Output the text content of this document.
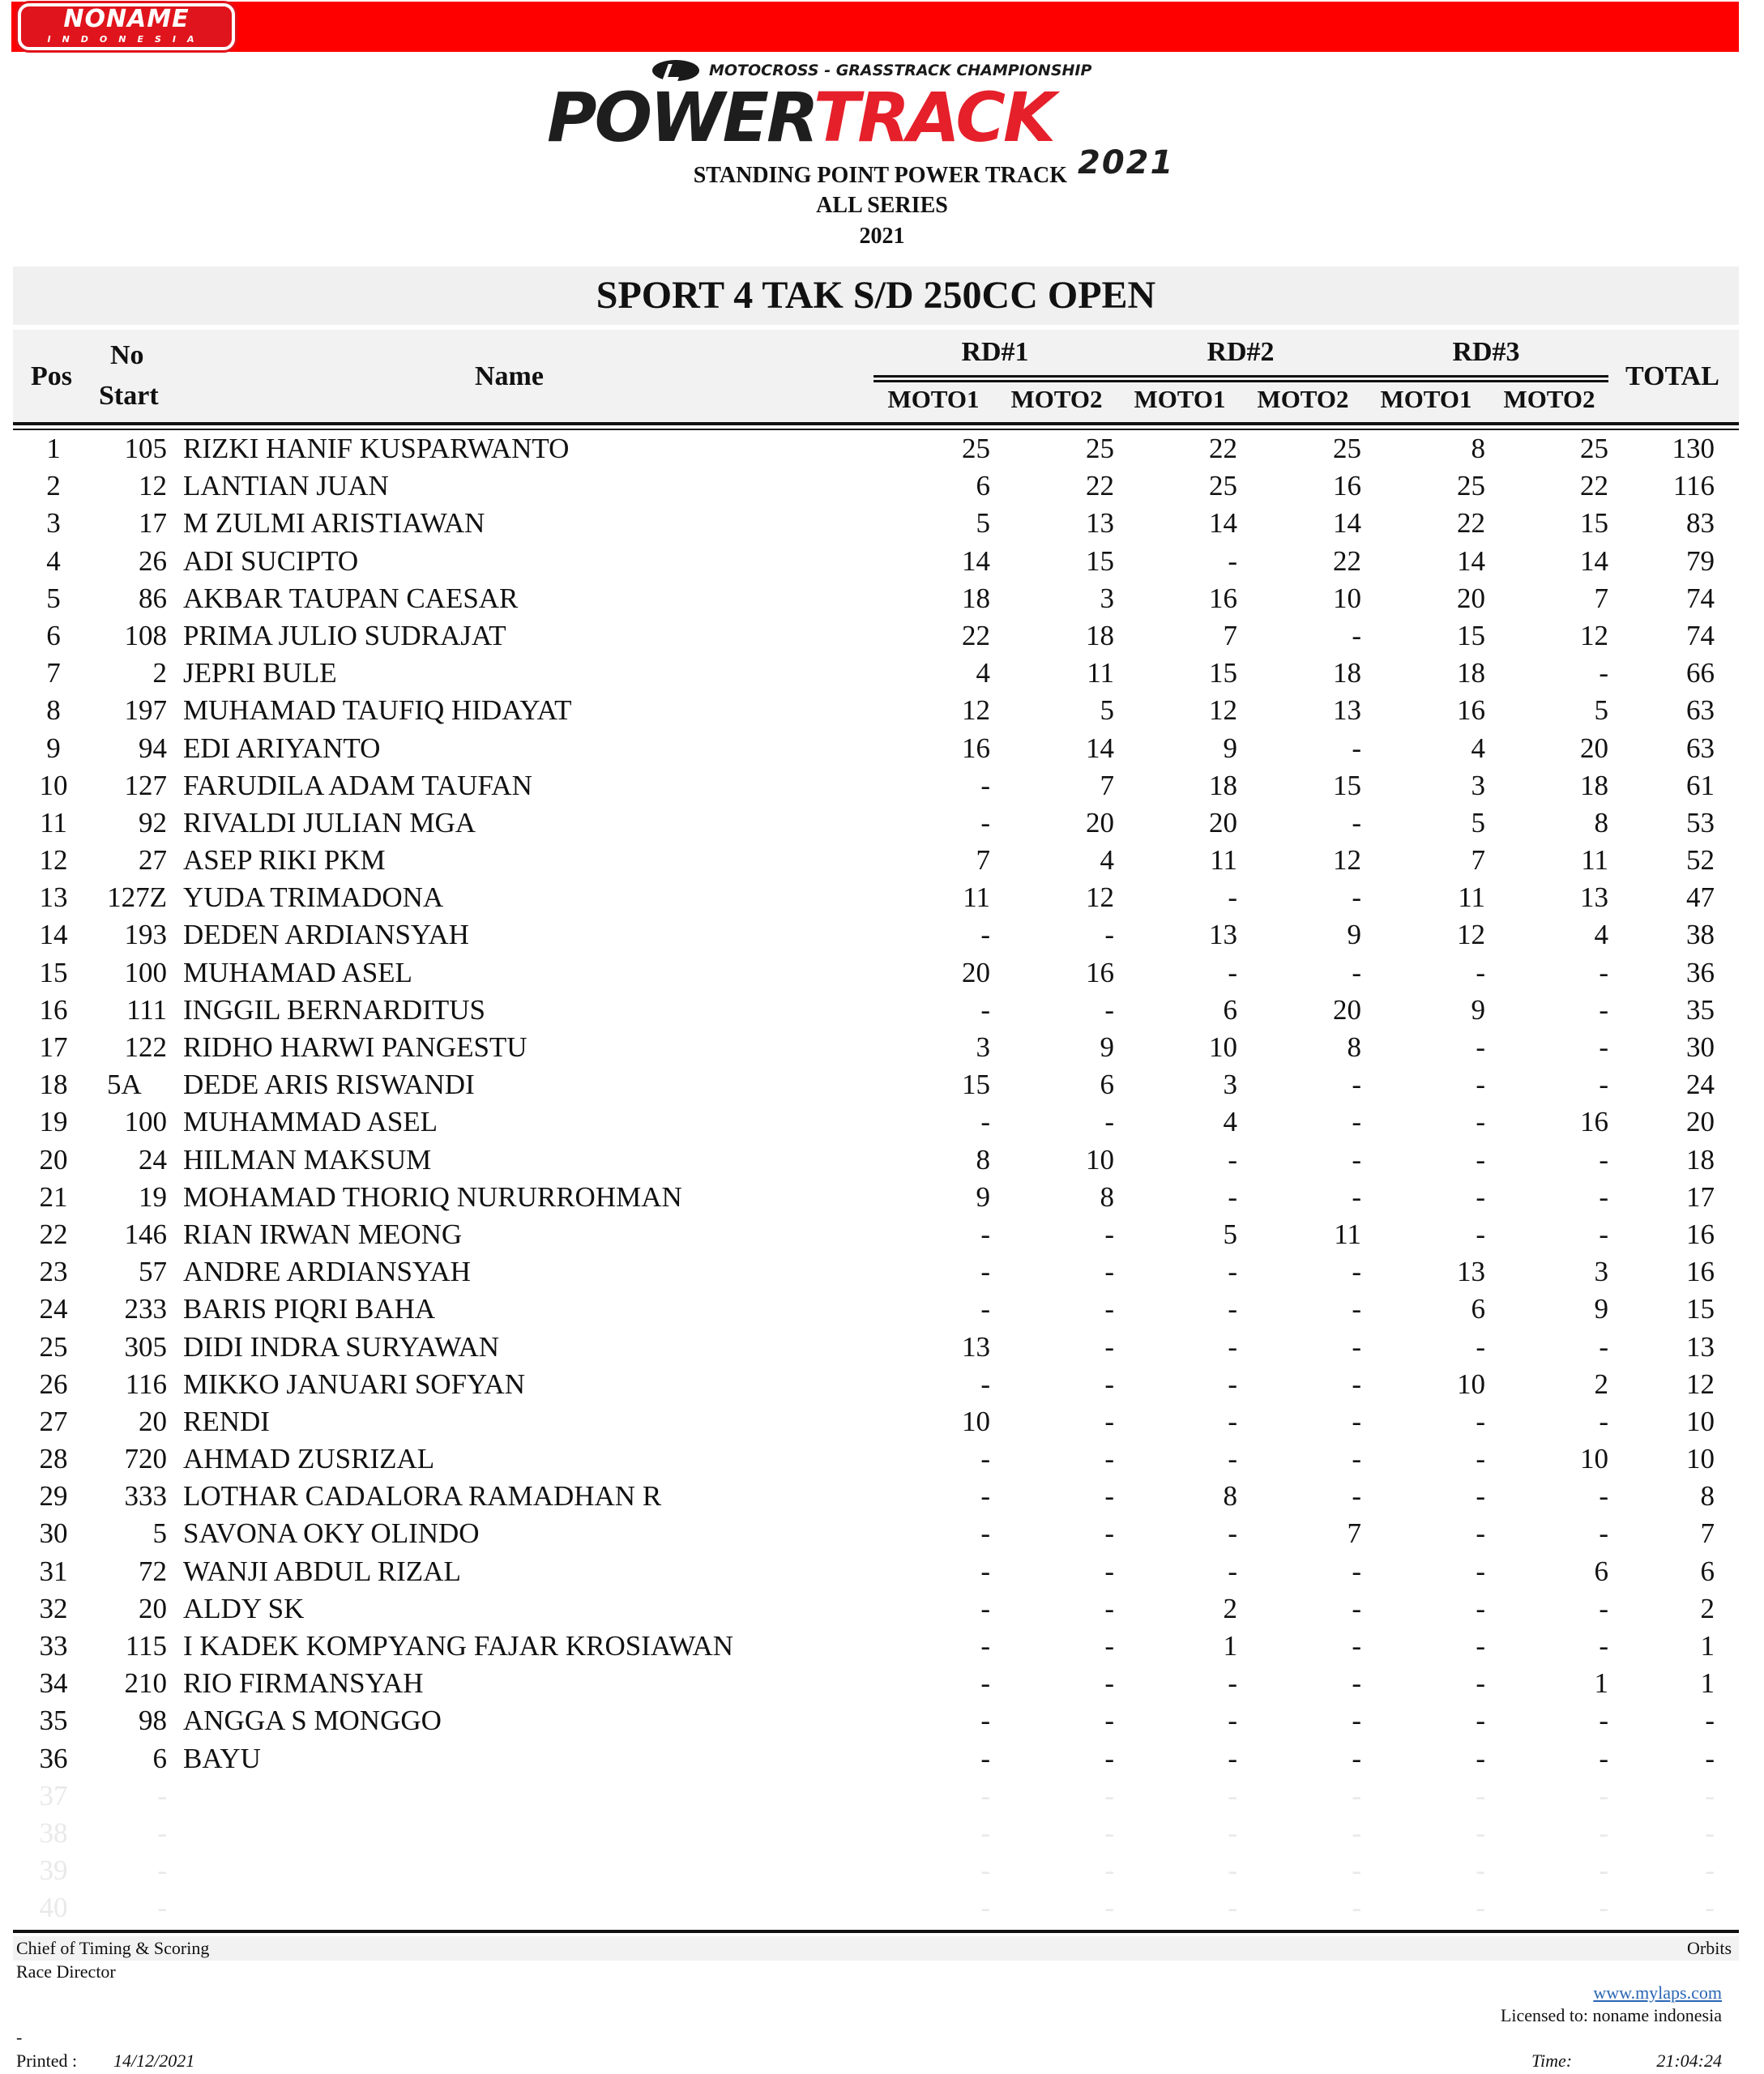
NONAME
INDONESIA
MOTOCROSS - GRASSTRACK CHAMPIONSHIP
POWERTRACK
2021
STANDING POINT POWER TRACK
ALL SERIES
2021
SPORT 4 TAK S/D 250CC OPEN
Pos
No
Start
Name
RD#1	RD#2	RD#3
MOTO1	MOTO2	MOTO1	MOTO2	MOTO1	MOTO2
TOTAL
1	105 RIZKI HANIF KUSPARWANTO	25	25	22	25	8	25	130
2	12 LANTIAN JUAN	6	22	25	16	25	22	116
3	17 M ZULMI ARISTIAWAN	5	13	14	14	22	15	83
4	26 ADI SUCIPTO	14	15	-	22	14	14	79
5	86 AKBAR TAUPAN CAESAR	18	3	16	10	20	7	74
6	108 PRIMA JULIO SUDRAJAT	22	18	7	-	15	12	74
7	2 JEPRI BULE	4	11	15	18	18	-	66
8	197 MUHAMAD TAUFIQ HIDAYAT	12	5	12	13	16	5	63
9	94 EDI ARIYANTO	16	14	9	-	4	20	63
10	127 FARUDILA ADAM TAUFAN	-	7	18	15	3	18	61
11	92 RIVALDI JULIAN MGA	-	20	20	-	5	8	53
12	27 ASEP RIKI PKM	7	4	11	12	7	11	52
13	127Z YUDA TRIMADONA	11	12	-	-	11	13	47
14	193 DEDEN ARDIANSYAH	-	-	13	9	12	4	38
15	100 MUHAMAD ASEL	20	16	-	-	-	-	36
16	111 INGGIL BERNARDITUS	-	-	6	20	9	-	35
17	122 RIDHO HARWI PANGESTU	3	9	10	8	-	-	30
18	5A	DEDE ARIS RISWANDI	15	6	3	-	-	-	24
19	100 MUHAMMAD ASEL	-	-	4	-	-	16	20
20	24 HILMAN MAKSUM	8	10	-	-	-	-	18
21	19 MOHAMAD THORIQ NURURROHMAN	9	8	-	-	-	-	17
22	146 RIAN IRWAN MEONG	-	-	5	11	-	-	16
23	57 ANDRE ARDIANSYAH	-	-	-	-	13	3	16
24	233 BARIS PIQRI BAHA	-	-	-	-	6	9	15
25	305 DIDI INDRA SURYAWAN	13	-	-	-	-	-	13
26	116 MIKKO JANUARI SOFYAN	-	-	-	-	10	2	12
27	20 RENDI	10	-	-	-	-	-	10
28	720 AHMAD ZUSRIZAL	-	-	-	-	-	10	10
29	333 LOTHAR CADALORA RAMADHAN R	-	-	8	-	-	-	8
30	5 SAVONA OKY OLINDO	-	-	-	7	-	-	7
31	72 WANJI ABDUL RIZAL	-	-	-	-	-	6	6
32	20 ALDY SK	-	-	2	-	-	-	2
33	115 I KADEK KOMPYANG FAJAR KROSIAWAN	-	-	1	-	-	-	1
34	210 RIO FIRMANSYAH	-	-	-	-	-	1	1
35	98 ANGGA S MONGGO	-	-	-	-	-	-	-
36	6 BAYU	-	-	-	-	-	-	-
37	-	-	-	-	-	-	-	-
38	-	-	-	-	-	-	-	-
39	-	-	-	-	-	-	-	-
40	-	-	-	-	-	-	-	-
Chief of Timing & Scoring	Orbits
Race Director
www.mylaps.com
Licensed to: noname indonesia
-
Printed : 14/12/2021	Time:	21:04:24
